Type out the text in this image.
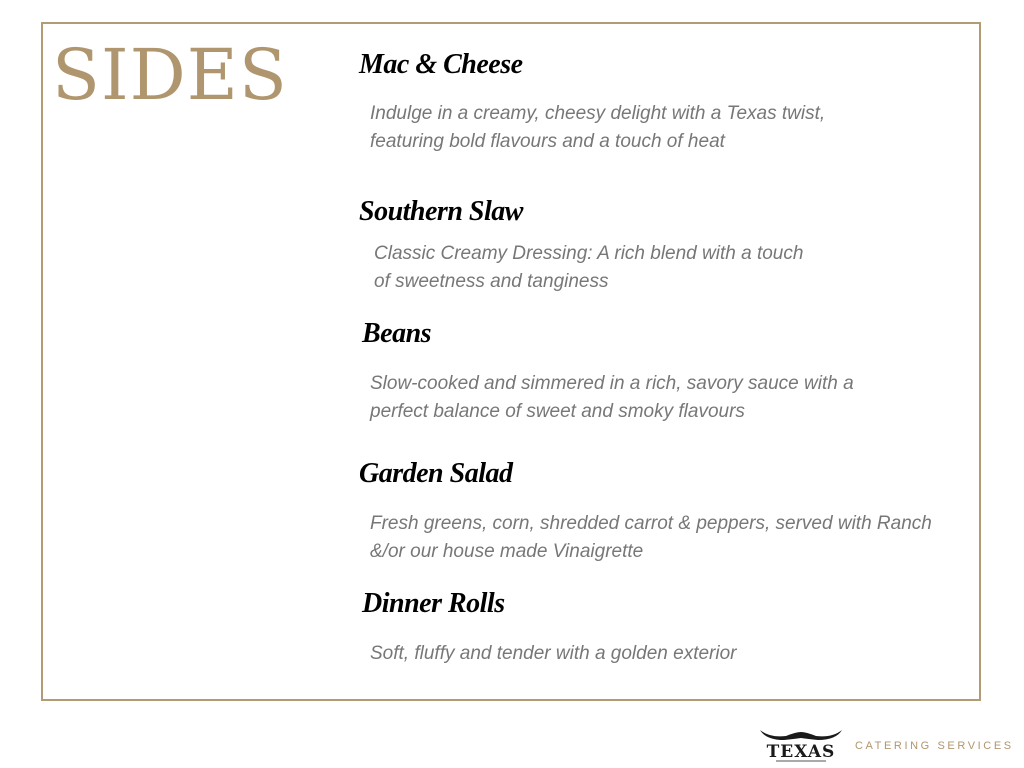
SIDES	Mac & Cheese

Indulge in a creamy, cheesy delight with a Texas twist,

featuring bold flavours and a touch of heat

Southern Slaw

Classic Creamy Dressing: A rich blend with a touch

of sweetness and tanginess

Beans

Slow-cooked and simmered in a rich, savory sauce with a

perfect balance of sweet and smoky flavours

Garden Salad

Fresh greens, corn, shredded carrot & peppers, served with Ranch

&/or our house made Vinaigrette

Dinner Rolls

Soft, fluffy and tender with a golden exterior

TEXAS CATERING SERVICES
